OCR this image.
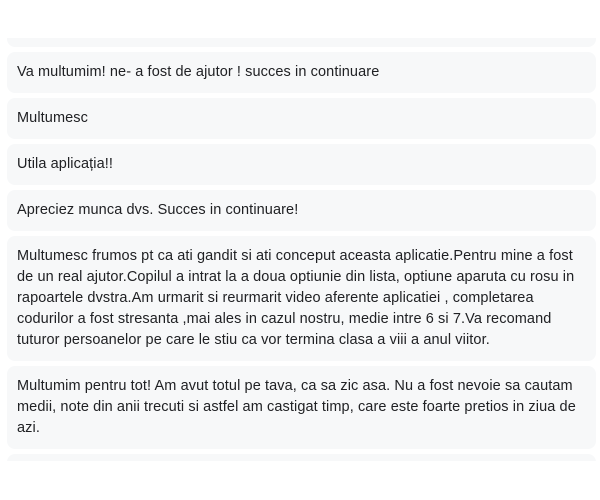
Va multumim! ne- a fost de ajutor ! succes in continuare
Multumesc
Utila aplicația!!
Apreciez munca dvs. Succes in continuare!
Multumesc frumos pt ca ati gandit si ati conceput aceasta aplicatie.Pentru mine a fost de un real ajutor.Copilul a intrat la a doua optiunie din lista, optiune aparuta cu rosu in rapoartele dvstra.Am urmarit si reurmarit video aferente aplicatiei , completarea codurilor a fost stresanta ,mai ales in cazul nostru, medie intre 6 si 7.Va recomand tuturor persoanelor pe care le stiu ca vor termina clasa a viii a anul viitor.
Multumim pentru tot! Am avut totul pe tava, ca sa zic asa. Nu a fost nevoie sa cautam medii, note din anii trecuti si astfel am castigat timp, care este foarte pretios in ziua de azi.
